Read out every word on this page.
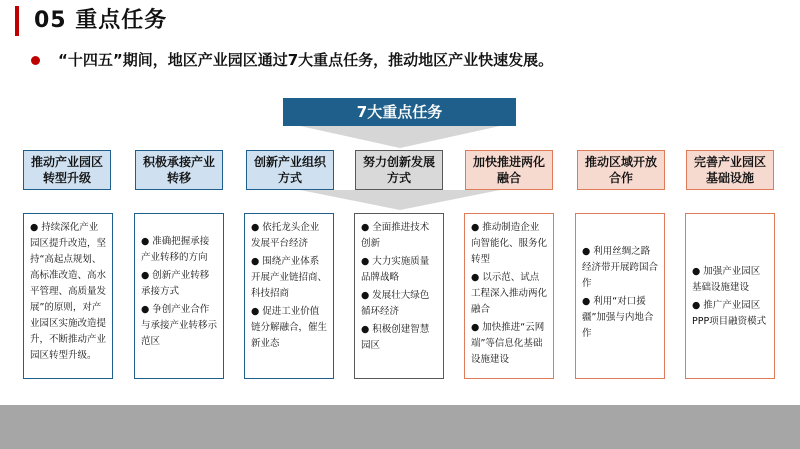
05 重点任务
“十四五”期间，地区产业园区通过7大重点任务，推动地区产业快速发展。
7大重点任务
推动产业园区转型升级
积极承接产业转移
创新产业组织方式
努力创新发展方式
加快推进两化融合
推动区域开放合作
完善产业园区基础设施
● 持续深化产业园区提升改造，坚持“高起点规划、高标准改造、高水平管理、高质量发展”的原则，对产业园区实施改造提升，不断推动产业园区转型升级。
● 准确把握承接产业转移的方向
● 创新产业转移承接方式
● 争创产业合作与承接产业转移示范区
● 依托龙头企业发展平台经济
● 围绕产业体系开展产业链招商、科技招商
● 促进工业价值链分解融合，催生新业态
● 全面推进技术创新
● 大力实施质量品牌战略
● 发展壮大绿色循环经济
● 积极创建智慧园区
● 推动制造企业向智能化、服务化转型
● 以示范、试点工程深入推动两化融合
● 加快推进“云网端”等信息化基础设施建设
● 利用丝绸之路经济带开展跨国合作
● 利用“对口援疆”加强与内地合作
● 加强产业园区基础设施建设
● 推广产业园区PPP项目融资模式
